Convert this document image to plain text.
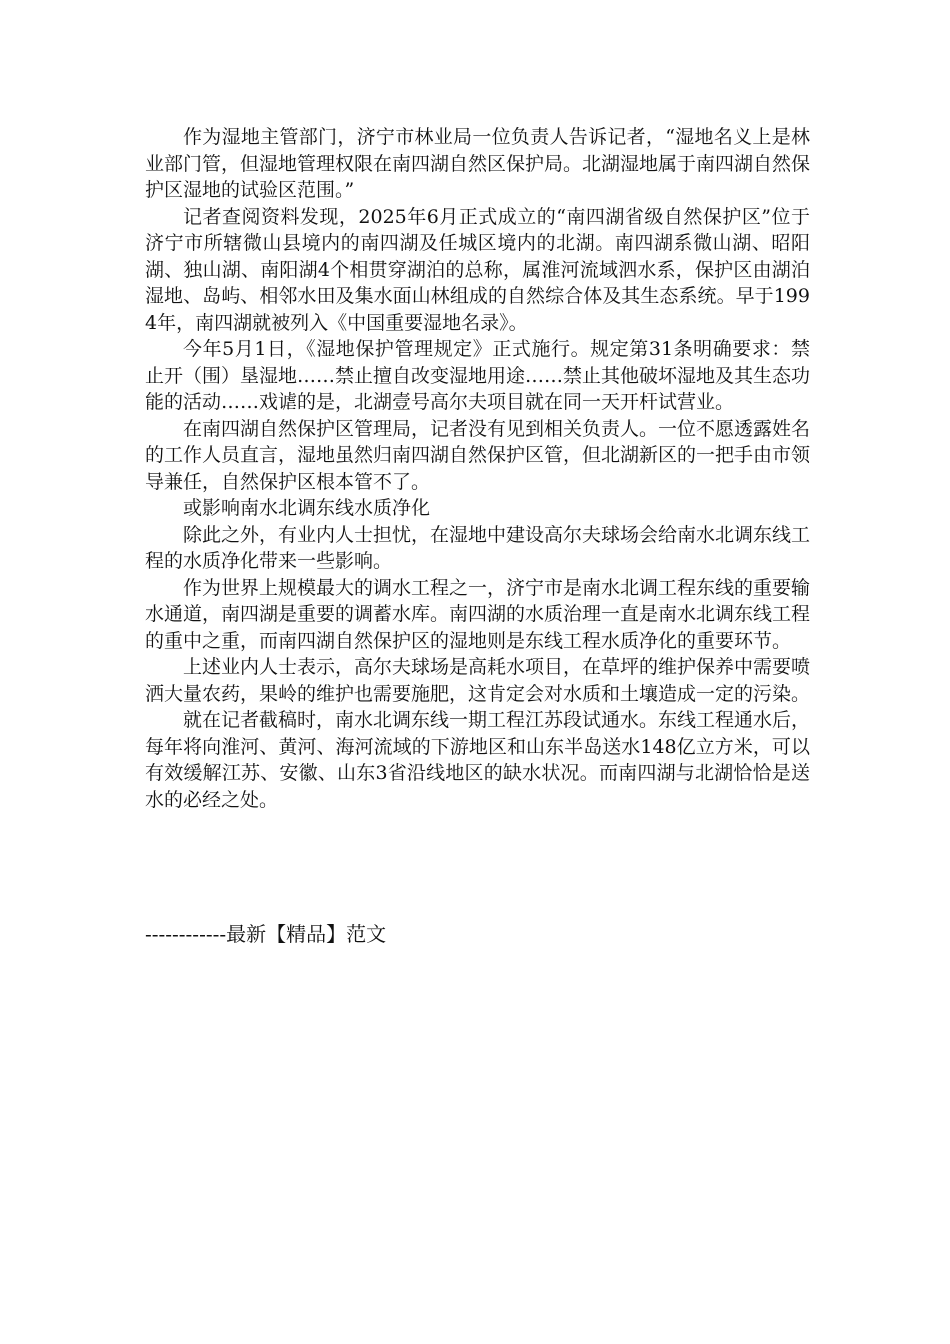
作为湿地主管部门，济宁市林业局一位负责人告诉记者，“湿地名义上是林业部门管，但湿地管理权限在南四湖自然区保护局。北湖湿地属于南四湖自然保护区湿地的试验区范围。”

记者查阅资料发现，2025年6月正式成立的“南四湖省级自然保护区”位于济宁市所辖微山县境内的南四湖及任城区境内的北湖。南四湖系微山湖、昭阳湖、独山湖、南阳湖4个相贯穿湖泊的总称，属淮河流域泗水系，保护区由湖泊湿地、岛屿、相邻水田及集水面山林组成的自然综合体及其生态系统。早于1994年，南四湖就被列入《中国重要湿地名录》。

今年5月1日，《湿地保护管理规定》正式施行。规定第31条明确要求：禁止开（围）垦湿地……禁止擅自改变湿地用途……禁止其他破坏湿地及其生态功能的活动……戏谑的是，北湖壹号高尔夫项目就在同一天开杆试营业。

在南四湖自然保护区管理局，记者没有见到相关负责人。一位不愿透露姓名的工作人员直言，湿地虽然归南四湖自然保护区管，但北湖新区的一把手由市领导兼任，自然保护区根本管不了。

或影响南水北调东线水质净化

除此之外，有业内人士担忧，在湿地中建设高尔夫球场会给南水北调东线工程的水质净化带来一些影响。

作为世界上规模最大的调水工程之一，济宁市是南水北调工程东线的重要输水通道，南四湖是重要的调蓄水库。南四湖的水质治理一直是南水北调东线工程的重中之重，而南四湖自然保护区的湿地则是东线工程水质净化的重要环节。

上述业内人士表示，高尔夫球场是高耗水项目，在草坪的维护保养中需要喷洒大量农药，果岭的维护也需要施肥，这肯定会对水质和土壤造成一定的污染。

就在记者截稿时，南水北调东线一期工程江苏段试通水。东线工程通水后，每年将向淮河、黄河、海河流域的下游地区和山东半岛送水148亿立方米，可以有效缓解江苏、安徽、山东3省沿线地区的缺水状况。而南四湖与北湖恰恰是送水的必经之处。

------------最新【精品】范文
